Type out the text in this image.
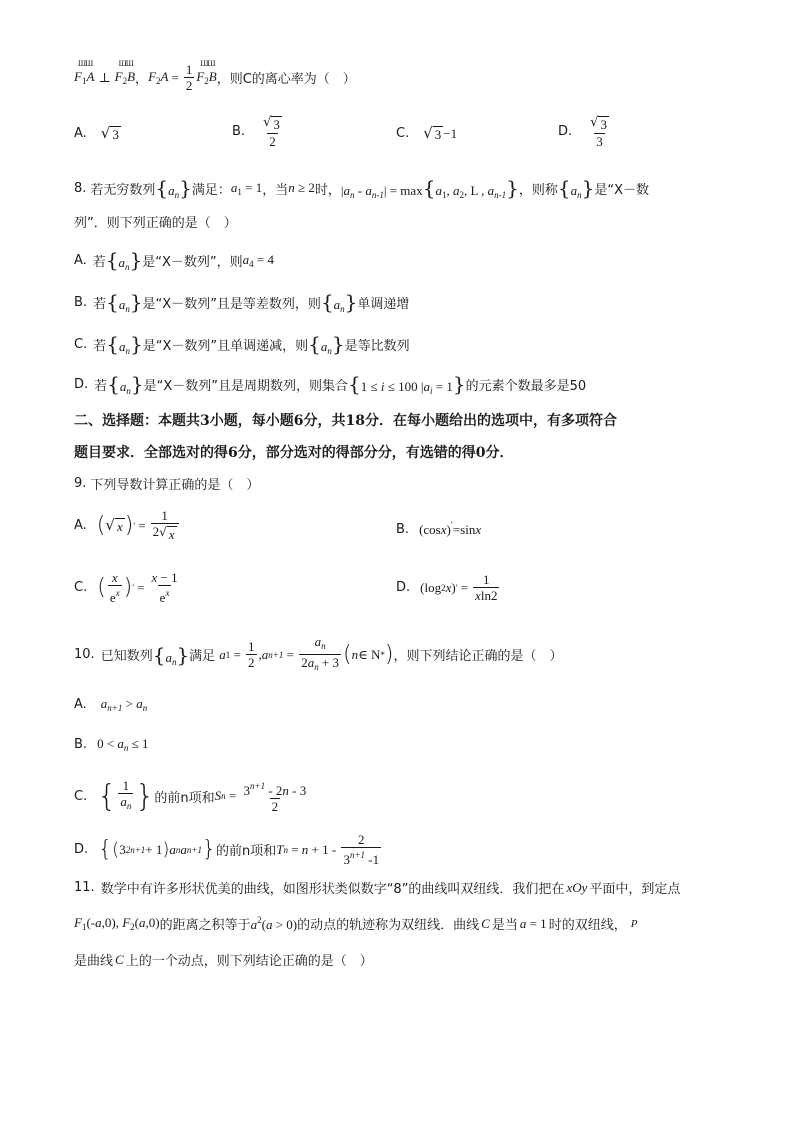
ШШ
$F_1A$ ⊥
ШШ
$F_2B$ ， $F_2A = \frac{1}{2}$ ШШ
$F_2B$ ，则C的离心率为（　）
A. √ 3	B. $\frac{√ 3}{2}$	C. √ 3 −1	D. $\frac{√ 3}{3}$
8. 若无穷数列 $\{a_n\}$ 满足： $a_1 = 1$ ，当 n ≥ 2 时， $|a_n - a_{n-1}| = \max\{a_1$, $a_2$, L , $a_{n-1}$} ，则称 $\{a_n\}$ 是“X－数
列”．则下列正确的是（　）
A. 若 $\{a_n\}$ 是“X－数列”，则 $a_4 = 4$
B. 若 $\{a_n\}$ 是“X－数列”且是等差数列，则 $\{a_n\}$ 单调递增
C. 若 $\{a_n\}$ 是“X－数列”且单调递减，则 $\{a_n\}$ 是等比数列
D. 若 $\{a_n\}$ 是“X－数列”且是周期数列，则集合 {1 ≤ i ≤ 100 $|a_i = 1$} 的元素个数最多是50
二、选择题：本题共3小题，每小题6分，共18分．在每小题给出的选项中，有多项符合
题目要求．全部选对的得6分，部分选对的得部分分，有选错的得0分．
9. 下列导数计算正确的是（　）
A. ( √ x ) ′ = $\frac{1}{2 √ x}$	B. (cosx)′=sinx
C. ( $\frac{x}{e^x}$ ) ′ = $\frac{x - 1}{e^x}$	D. (log 2 x ) ′ = $\frac{1}{xln2}$
10. 已知数列 $\{a_n\}$ 满足 a $1 = \frac{1}{2}$ , a $n+1 = \frac{a_n}{2a_n + 3}$ ( n ∈ N * ) ，则下列结论正确的是（　）
A. $a_{n+1} > a_n$
B. $0 < a_n \le 1$
C. { $\frac{1}{a_n}$ } 的前n项和 S $n = \frac{3^{n+1} - 2n - 3}{2}$
D. { ( 3 2n+1 + 1 ) a n a n+1 } 的前n项和 T $n = n + 1 - \frac{2}{3^{n+1} -1}$
11. 数学中有许多形状优美的曲线，如图形状类似数字“8”的曲线叫双纽线．我们把在 xOy 平面中，到定点
$F_1(-a,0)$, $F_2(a,0)$ 的距离之积等于 $a^2(a > 0)$ 的动点的轨迹称为双纽线．曲线 C 是当 a = 1 时的双纽线， P
是曲线 C 上的一个动点，则下列结论正确的是（　）
